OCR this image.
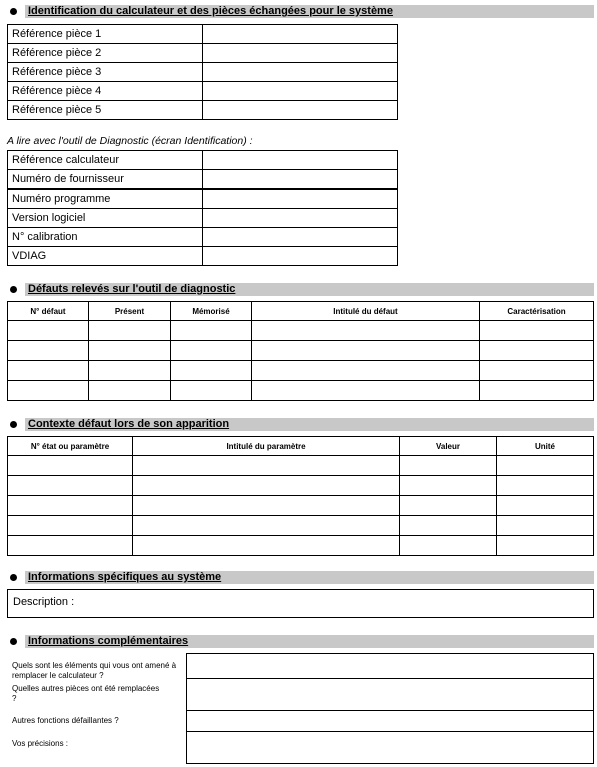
Identification du calculateur et des pièces échangées pour le système
Référence pièce 1	
Référence pièce 2	
Référence pièce 3	
Référence pièce 4	
Référence pièce 5	
A lire avec l'outil de Diagnostic (écran Identification) :
Référence calculateur	
Numéro de fournisseur	
Numéro programme	
Version logiciel	
N° calibration	
VDIAG	
Défauts relevés sur l'outil de diagnostic
N° défaut	Présent	Mémorisé	Intitulé du défaut	Caractérisation

Contexte défaut lors de son apparition
N° état ou paramètre	Intitulé du paramètre	Valeur	Unité

Informations spécifiques au système
Description :
Informations complémentaires
Quels sont les éléments qui vous ont amené à remplacer le calculateur ?
Quelles autres pièces ont été remplacées ?
Autres fonctions défaillantes ?
Vos précisions :
